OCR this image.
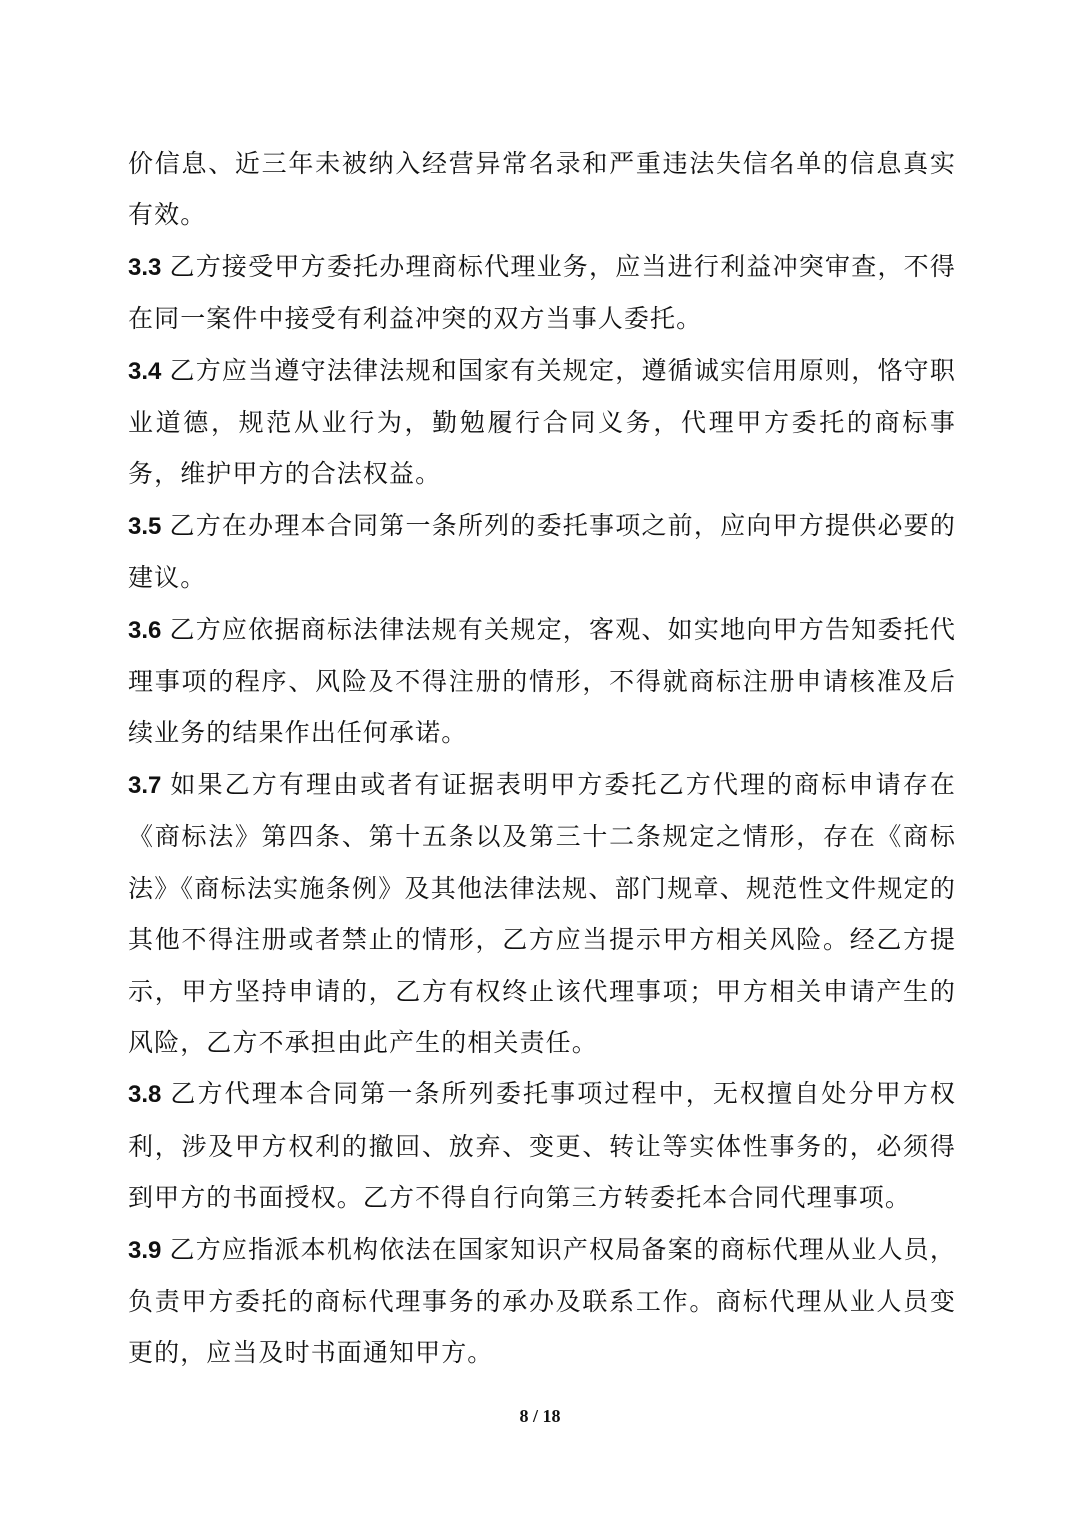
价信息、近三年未被纳入经营异常名录和严重违法失信名单的信息真实有效。

3.3 乙方接受甲方委托办理商标代理业务，应当进行利益冲突审查，不得在同一案件中接受有利益冲突的双方当事人委托。

3.4 乙方应当遵守法律法规和国家有关规定，遵循诚实信用原则，恪守职业道德，规范从业行为，勤勉履行合同义务，代理甲方委托的商标事务，维护甲方的合法权益。

3.5 乙方在办理本合同第一条所列的委托事项之前，应向甲方提供必要的建议。

3.6 乙方应依据商标法律法规有关规定，客观、如实地向甲方告知委托代理事项的程序、风险及不得注册的情形，不得就商标注册申请核准及后续业务的结果作出任何承诺。

3.7 如果乙方有理由或者有证据表明甲方委托乙方代理的商标申请存在《商标法》第四条、第十五条以及第三十二条规定之情形，存在《商标法》《商标法实施条例》及其他法律法规、部门规章、规范性文件规定的其他不得注册或者禁止的情形，乙方应当提示甲方相关风险。经乙方提示，甲方坚持申请的，乙方有权终止该代理事项；甲方相关申请产生的风险，乙方不承担由此产生的相关责任。

3.8 乙方代理本合同第一条所列委托事项过程中，无权擅自处分甲方权利，涉及甲方权利的撤回、放弃、变更、转让等实体性事务的，必须得到甲方的书面授权。乙方不得自行向第三方转委托本合同代理事项。

3.9 乙方应指派本机构依法在国家知识产权局备案的商标代理从业人员，负责甲方委托的商标代理事务的承办及联系工作。商标代理从业人员变更的，应当及时书面通知甲方。

8 / 18
